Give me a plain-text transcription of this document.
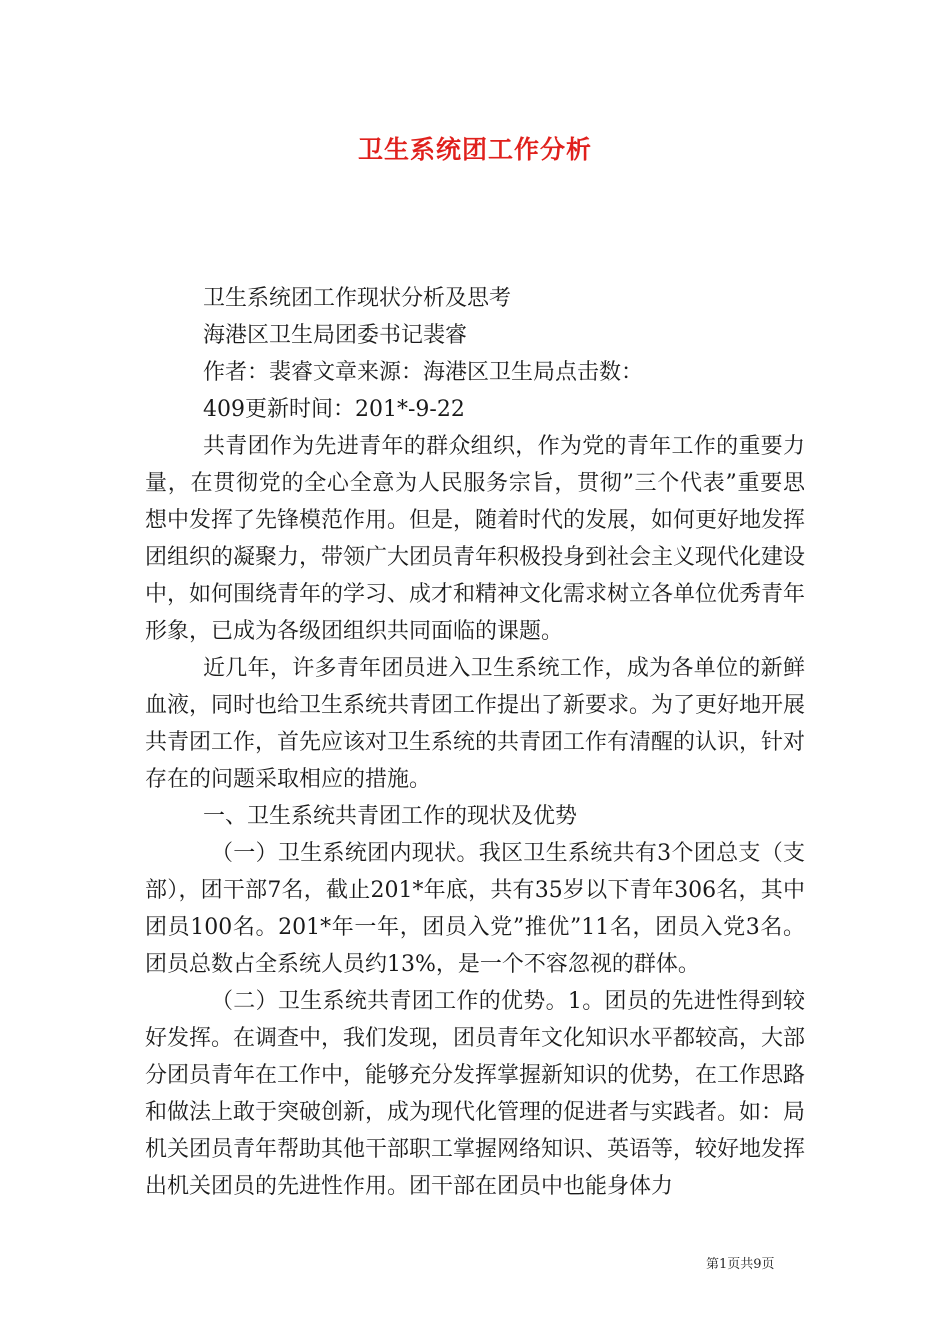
卫生系统团工作分析

卫生系统团工作现状分析及思考

海港区卫生局团委书记裴睿

作者：裴睿文章来源：海港区卫生局点击数：

409更新时间：201*-9-22

共青团作为先进青年的群众组织，作为党的青年工作的重要力量，在贯彻党的全心全意为人民服务宗旨，贯彻”三个代表”重要思想中发挥了先锋模范作用。但是，随着时代的发展，如何更好地发挥团组织的凝聚力，带领广大团员青年积极投身到社会主义现代化建设中，如何围绕青年的学习、成才和精神文化需求树立各单位优秀青年形象，已成为各级团组织共同面临的课题。

近几年，许多青年团员进入卫生系统工作，成为各单位的新鲜血液，同时也给卫生系统共青团工作提出了新要求。为了更好地开展共青团工作，首先应该对卫生系统的共青团工作有清醒的认识，针对存在的问题采取相应的措施。

一、卫生系统共青团工作的现状及优势

（一）卫生系统团内现状。我区卫生系统共有3个团总支（支部），团干部7名，截止201*年底，共有35岁以下青年306名，其中团员100名。201*年一年，团员入党”推优”11名，团员入党3名。团员总数占全系统人员约13%，是一个不容忽视的群体。

（二）卫生系统共青团工作的优势。1。团员的先进性得到较好发挥。在调查中，我们发现，团员青年文化知识水平都较高，大部分团员青年在工作中，能够充分发挥掌握新知识的优势，在工作思路和做法上敢于突破创新，成为现代化管理的促进者与实践者。如：局机关团员青年帮助其他干部职工掌握网络知识、英语等，较好地发挥出机关团员的先进性作用。团干部在团员中也能身体力

第1页共9页
